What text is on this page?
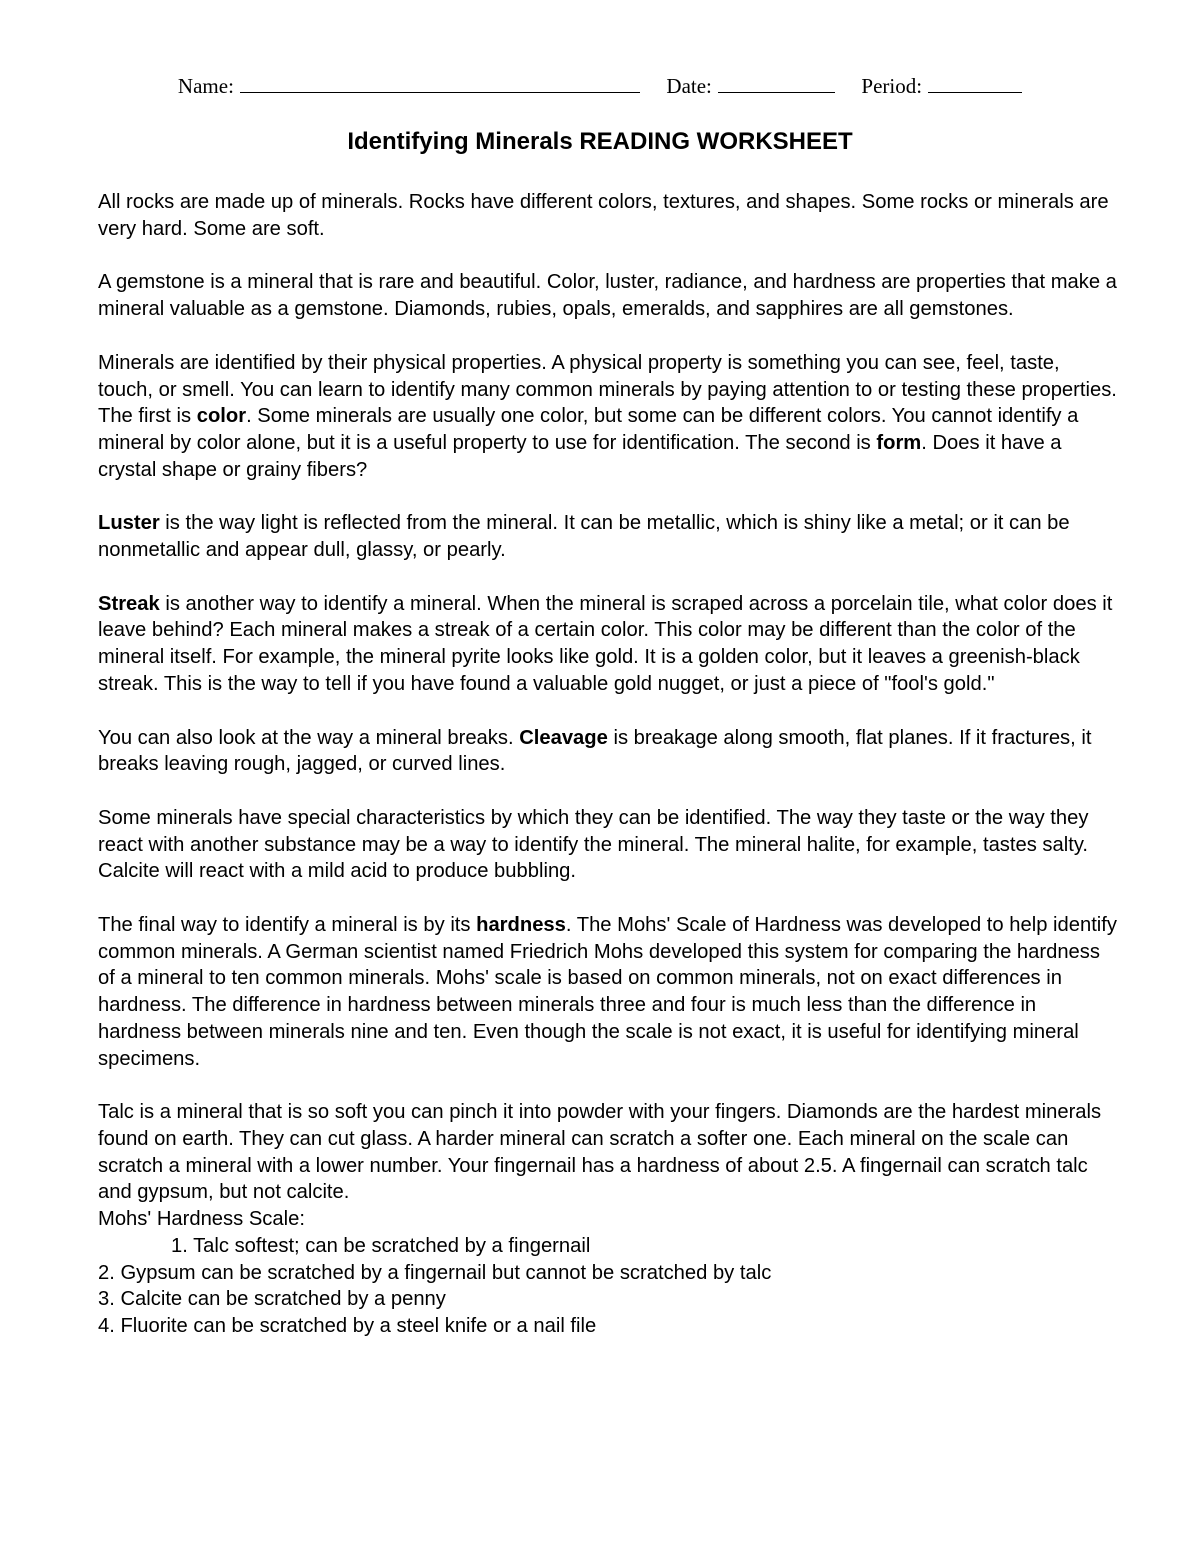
Name:	Date:	Period:
Identifying Minerals READING WORKSHEET

All rocks are made up of minerals. Rocks have different colors, textures, and shapes. Some rocks or minerals are very hard. Some are soft.

A gemstone is a mineral that is rare and beautiful. Color, luster, radiance, and hardness are properties that make a mineral valuable as a gemstone. Diamonds, rubies, opals, emeralds, and sapphires are all gemstones.

Minerals are identified by their physical properties. A physical property is something you can see, feel, taste, touch, or smell. You can learn to identify many common minerals by paying attention to or testing these properties. The first is color. Some minerals are usually one color, but some can be different colors. You cannot identify a mineral by color alone, but it is a useful property to use for identification. The second is form. Does it have a crystal shape or grainy fibers?

Luster is the way light is reflected from the mineral. It can be metallic, which is shiny like a metal; or it can be nonmetallic and appear dull, glassy, or pearly.

Streak is another way to identify a mineral. When the mineral is scraped across a porcelain tile, what color does it leave behind? Each mineral makes a streak of a certain color. This color may be different than the color of the mineral itself. For example, the mineral pyrite looks like gold. It is a golden color, but it leaves a greenish-black streak. This is the way to tell if you have found a valuable gold nugget, or just a piece of "fool's gold."

You can also look at the way a mineral breaks. Cleavage is breakage along smooth, flat planes. If it fractures, it breaks leaving rough, jagged, or curved lines.

Some minerals have special characteristics by which they can be identified. The way they taste or the way they react with another substance may be a way to identify the mineral. The mineral halite, for example, tastes salty. Calcite will react with a mild acid to produce bubbling.

The final way to identify a mineral is by its hardness. The Mohs' Scale of Hardness was developed to help identify common minerals. A German scientist named Friedrich Mohs developed this system for comparing the hardness of a mineral to ten common minerals. Mohs' scale is based on common minerals, not on exact differences in hardness. The difference in hardness between minerals three and four is much less than the difference in hardness between minerals nine and ten. Even though the scale is not exact, it is useful for identifying mineral specimens.

Talc is a mineral that is so soft you can pinch it into powder with your fingers. Diamonds are the hardest minerals found on earth. They can cut glass. A harder mineral can scratch a softer one. Each mineral on the scale can scratch a mineral with a lower number. Your fingernail has a hardness of about 2.5. A fingernail can scratch talc and gypsum, but not calcite.

Mohs' Hardness Scale:
1. Talc softest; can be scratched by a fingernail
2. Gypsum can be scratched by a fingernail but cannot be scratched by talc
3. Calcite can be scratched by a penny
4. Fluorite can be scratched by a steel knife or a nail file
